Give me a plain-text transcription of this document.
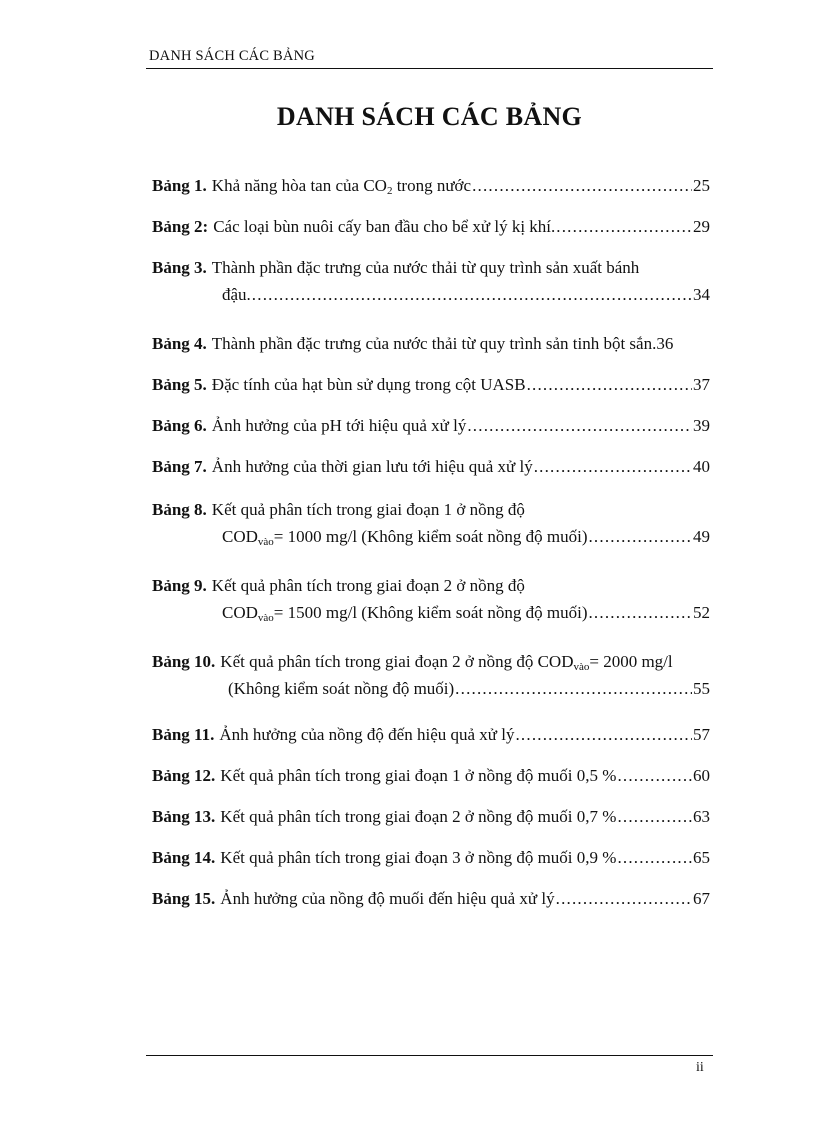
DANH SÁCH CÁC BẢNG
DANH SÁCH CÁC BẢNG
Bảng 1. Khả năng hòa tan của $CO_2$ trong nước .....	25
Bảng 2: Các loại bùn nuôi cấy ban đầu cho bể xử lý kị khí. .....	29
Bảng 3. Thành phần đặc trưng của nước thải từ quy trình sản xuất bánh
đậu. .....	34
Bảng 4. Thành phần đặc trưng của nước thải từ quy trình sản tinh bột sắn. 36
Bảng 5. Đặc tính của hạt bùn sử dụng trong cột UASB .....	37
Bảng 6. Ảnh hưởng của pH tới hiệu quả xử lý .....	39
Bảng 7. Ảnh hưởng của thời gian lưu tới hiệu quả xử lý .....	40
Bảng 8. Kết quả phân tích trong giai đoạn 1 ở nồng độ
$COD_{vào}= 1000$ mg/l (Không kiểm soát nồng độ muối) .....	49
Bảng 9. Kết quả phân tích trong giai đoạn 2 ở nồng độ
$COD_{vào}= 1500$ mg/l (Không kiểm soát nồng độ muối) .....	52
Bảng 10. Kết quả phân tích trong giai đoạn 2 ở nồng độ $COD_{vào}= 2000$ mg/l
(Không kiểm soát nồng độ muối) .....	55
Bảng 11. Ảnh hưởng của nồng độ đến hiệu quả xử lý .....	57
Bảng 12. Kết quả phân tích trong giai đoạn 1 ở nồng độ muối 0,5 % .....	60
Bảng 13. Kết quả phân tích trong giai đoạn 2 ở nồng độ muối 0,7 % .....	63
Bảng 14. Kết quả phân tích trong giai đoạn 3 ở nồng độ muối 0,9 % .....	65
Bảng 15. Ảnh hưởng của nồng độ muối đến hiệu quả xử lý .....	67
ii
